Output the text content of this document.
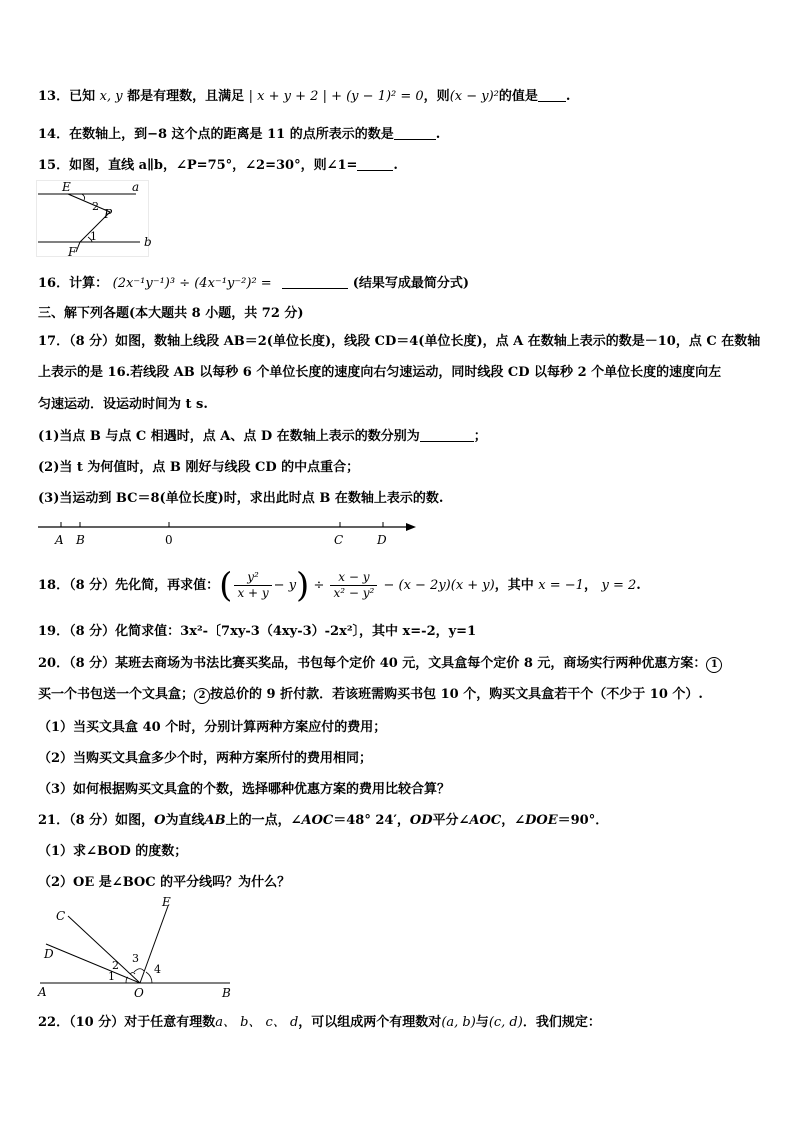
13．已知 x, y 都是有理数，且满足 | x + y + 2 | + (y − 1)² = 0，则(x − y)²的值是 .
14．在数轴上，到−8 这个点的距离是 11 的点所表示的数是	.
15．如图，直线 a∥b，∠P=75°，∠2=30°，则∠1=	.
E	a
2
P
1	b
F
16．计算： (2x⁻¹y⁻¹)³ ÷ (4x⁻¹y⁻²)² =	(结果写成最简分式)
三、解下列各题(本大题共 8 小题，共 72 分)
17．（8 分）如图，数轴上线段 AB＝2(单位长度)，线段 CD＝4(单位长度)，点 A 在数轴上表示的数是－10，点 C 在数轴
上表示的是 16.若线段 AB 以每秒 6 个单位长度的速度向右匀速运动，同时线段 CD 以每秒 2 个单位长度的速度向左
匀速运动．设运动时间为 t s.
(1)当点 B 与点 C 相遇时，点 A、点 D 在数轴上表示的数分别为	；
(2)当 t 为何值时，点 B 刚好与线段 CD 的中点重合；
(3)当运动到 BC＝8(单位长度)时，求出此时点 B 在数轴上表示的数.
A B	0	C	D
18．（8 分）先化简，再求值：( $\frac{\text{y²}}{x + y} - y) \div \frac{x - y}{\text{x² − y²}} - (x - 2y)(x + y)$，其中 x = −1， y = 2.
19．（8 分）化简求值：3x²-〔7xy-3（4xy-3）-2x²〕，其中 x=-2，y=1
20．（8 分）某班去商场为书法比赛买奖品，书包每个定价 40 元，文具盒每个定价 8 元，商场实行两种优惠方案： 1
买一个书包送一个文具盒； 2 按总价的 9 折付款．若该班需购买书包 10 个，购买文具盒若干个（不少于 10 个）.
（1）当买文具盒 40 个时，分别计算两种方案应付的费用；
（2）当购买文具盒多少个时，两种方案所付的费用相同；
（3）如何根据购买文具盒的个数，选择哪种优惠方案的费用比较合算？
21．（8 分）如图，O为直线AB上的一点，∠AOC＝48° 24′，OD平分∠AOC，∠DOE＝90°．
（1）求∠BOD 的度数；
（2）OE 是∠BOC 的平分线吗？为什么？
C
E
D
2
3
1
4
A	O	B
22．（10 分）对于任意有理数a、 b、 c、 d，可以组成两个有理数对(a, b)与(c, d)．我们规定：
